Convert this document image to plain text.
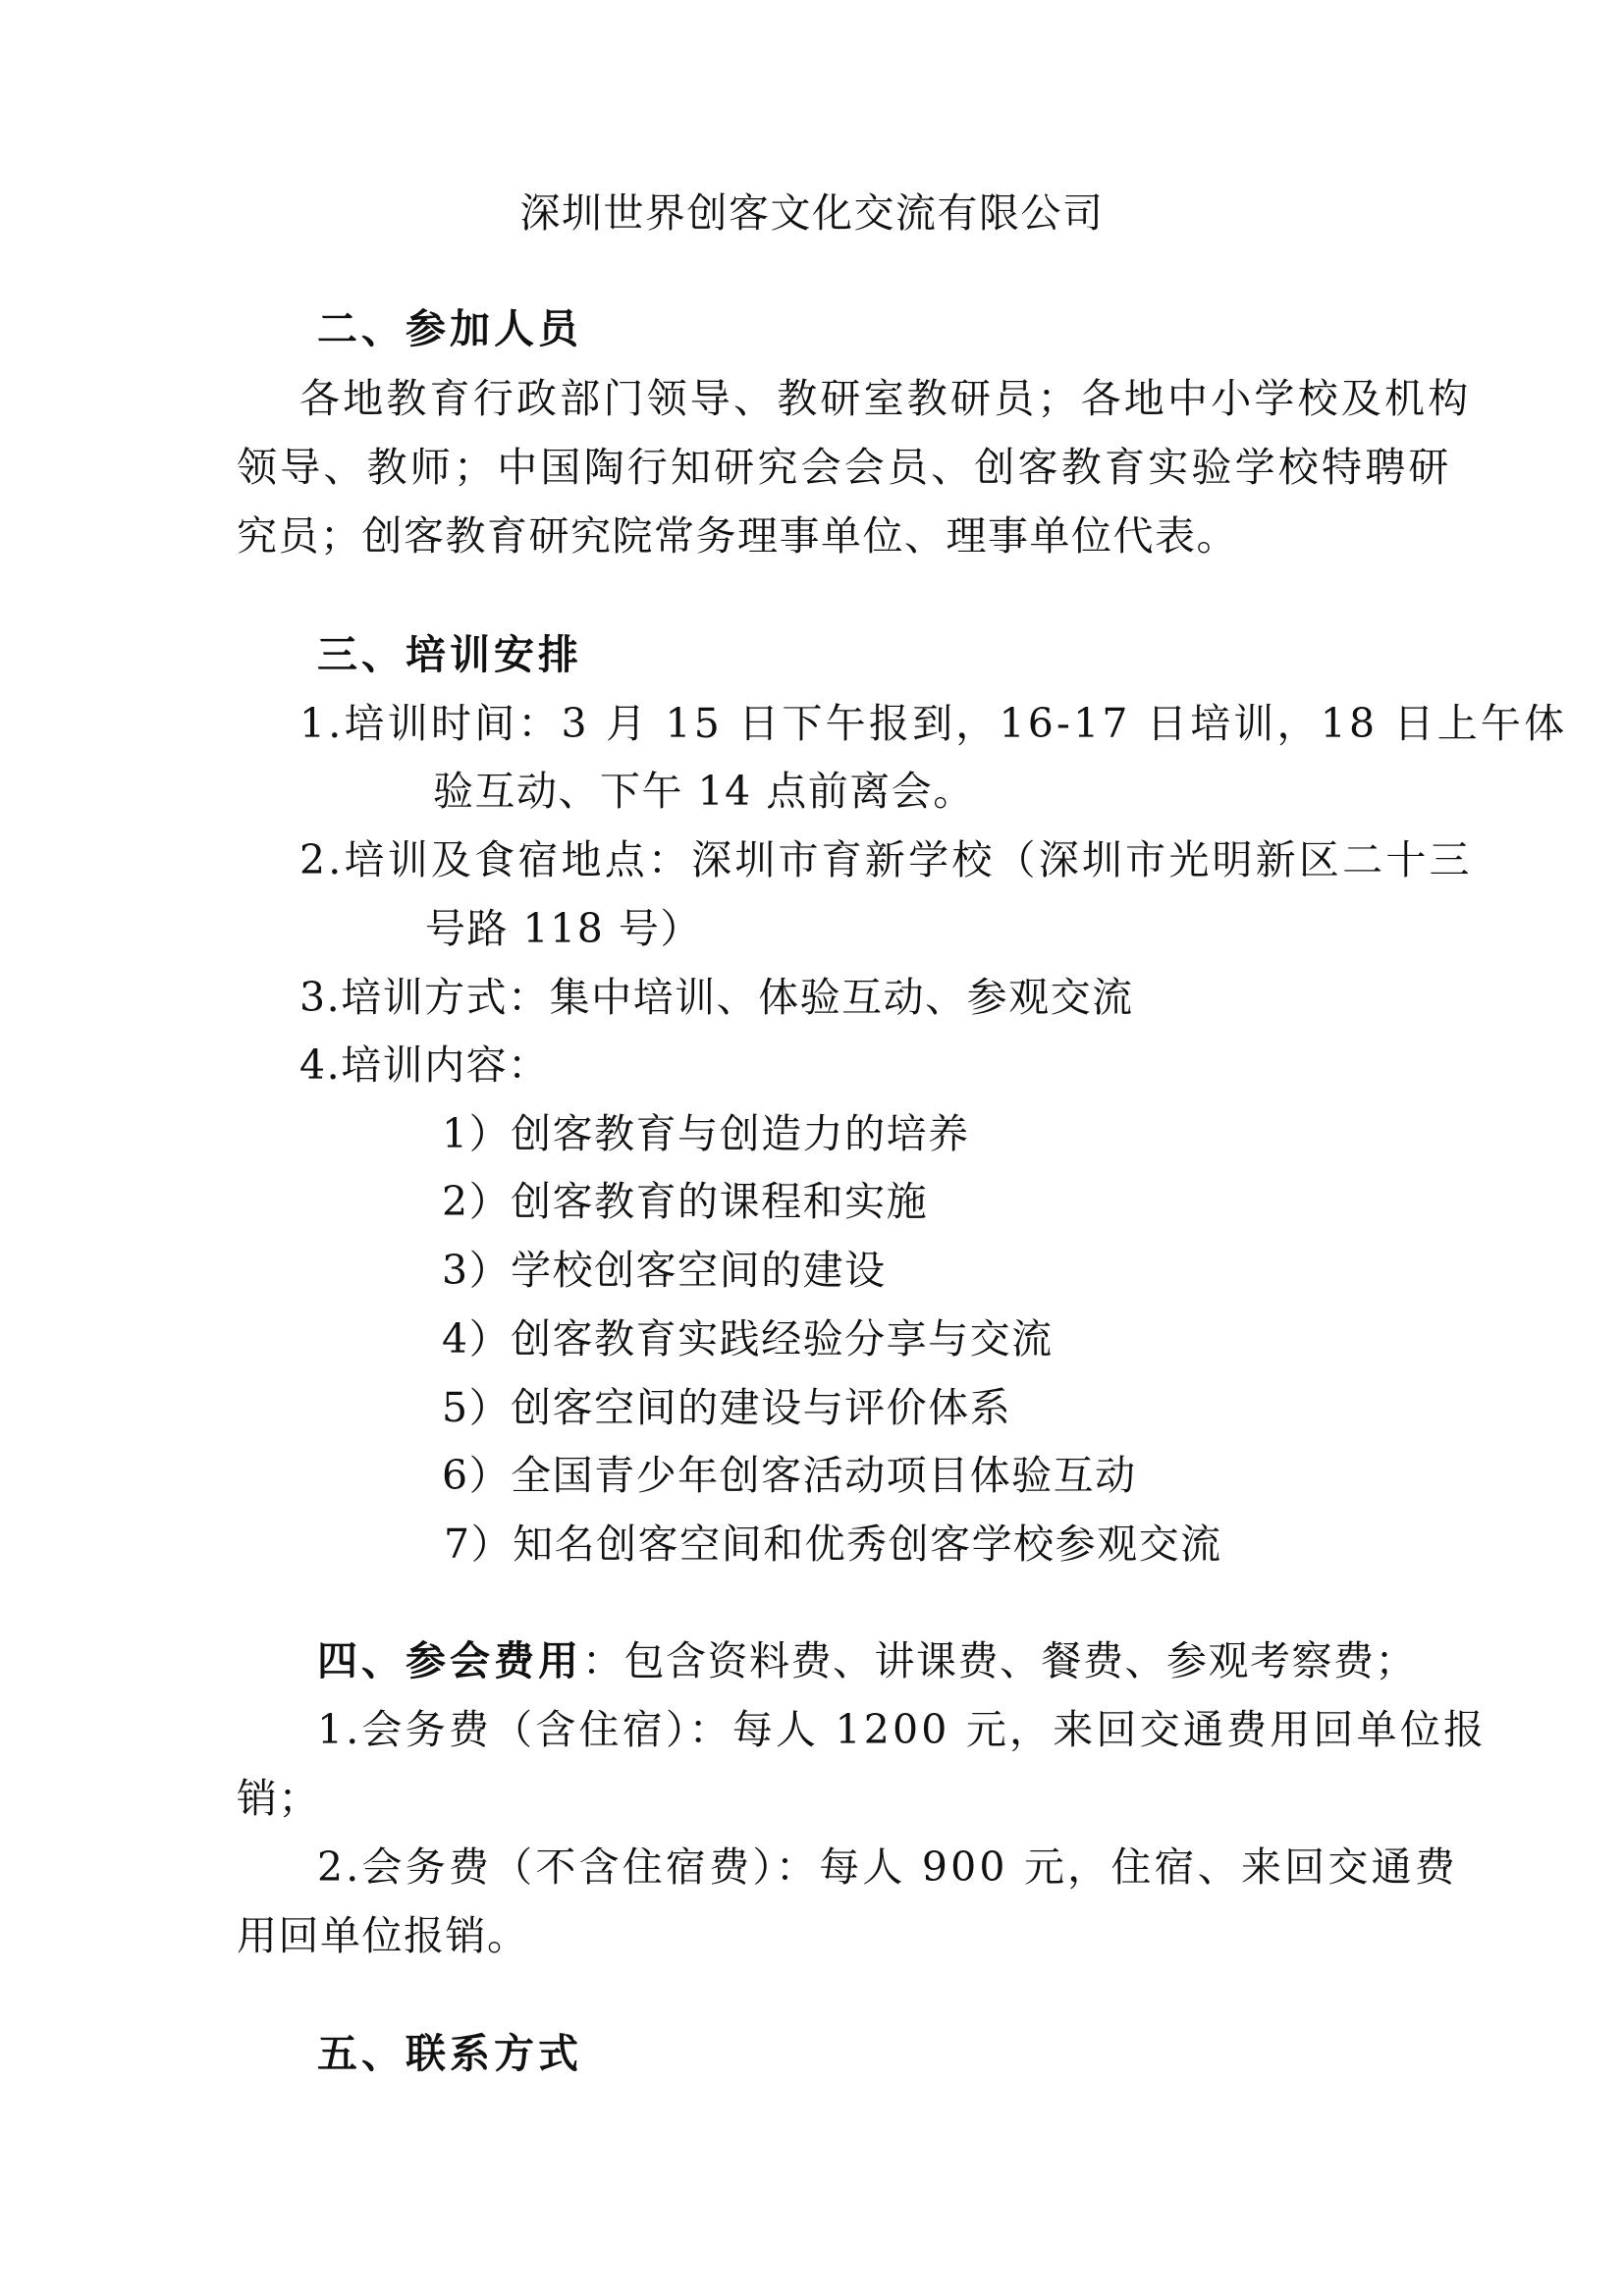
深圳世界创客文化交流有限公司

二、参加人员

各地教育行政部门领导、教研室教研员；各地中小学校及机构

领导、教师；中国陶行知研究会会员、创客教育实验学校特聘研

究员；创客教育研究院常务理事单位、理事单位代表。

三、培训安排

1.培训时间：3 月 15 日下午报到，16-17 日培训，18 日上午体

验互动、下午 14 点前离会。

2.培训及食宿地点：深圳市育新学校（深圳市光明新区二十三

号路 118 号）

3.培训方式：集中培训、体验互动、参观交流

4.培训内容：

1）创客教育与创造力的培养

2）创客教育的课程和实施

3）学校创客空间的建设

4）创客教育实践经验分享与交流

5）创客空间的建设与评价体系

6）全国青少年创客活动项目体验互动

7）知名创客空间和优秀创客学校参观交流

四、参会费用：包含资料费、讲课费、餐费、参观考察费；

1.会务费（含住宿）：每人 1200 元，来回交通费用回单位报

销；

2.会务费（不含住宿费）：每人 900 元，住宿、来回交通费

用回单位报销。

五、联系方式
